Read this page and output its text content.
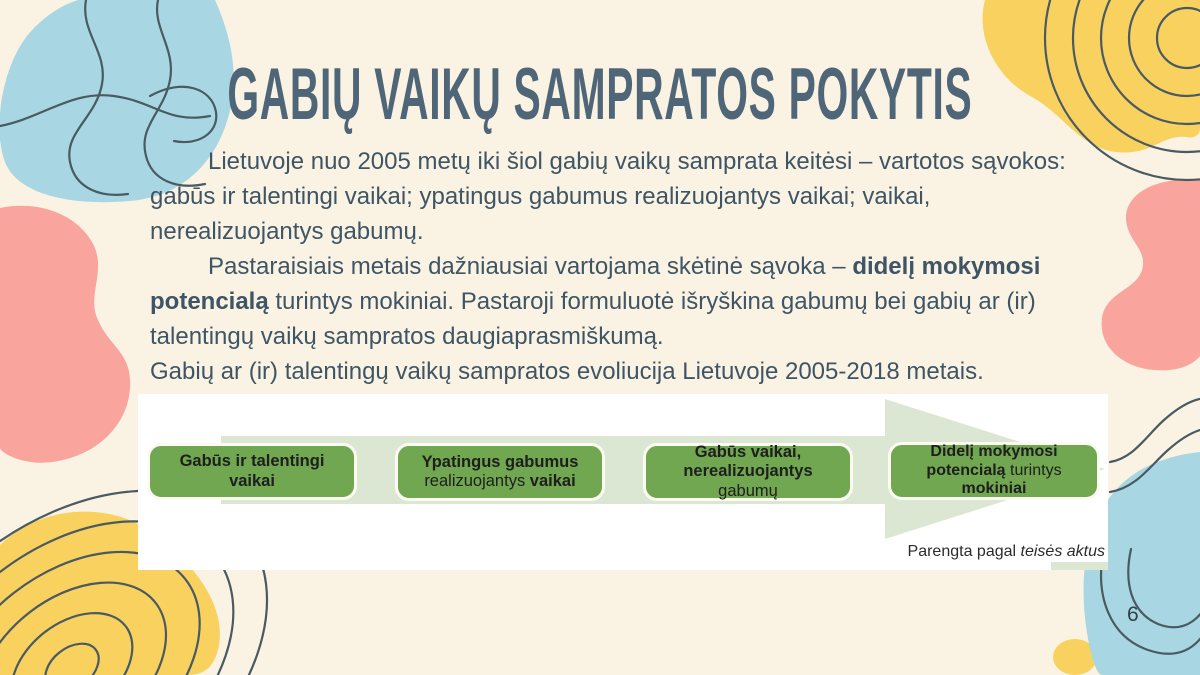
GABIŲ VAIKŲ SAMPRATOS POKYTIS

Lietuvoje nuo 2005 metų iki šiol gabių vaikų samprata keitėsi – vartotos sąvokos: gabūs ir talentingi vaikai; ypatingus gabumus realizuojantys vaikai; vaikai, nerealizuojantys gabumų.

Pastaraisiais metais dažniausiai vartojama skėtinė sąvoka – didelį mokymosi potencialą turintys mokiniai. Pastaroji formuluotė išryškina gabumų bei gabių ar (ir) talentingų vaikų sampratos daugiaprasmiškumą.

Gabių ar (ir) talentingų vaikų sampratos evoliucija Lietuvoje 2005-2018 metais.

Gabūs ir talentingi vaikai
Ypatingus gabumus
realizuojantys vaikai
Gabūs vaikai,
nerealizuojantys gabumų
Didelį mokymosi
potencialą turintys
mokiniai
Parengta pagal teisės aktus
6
